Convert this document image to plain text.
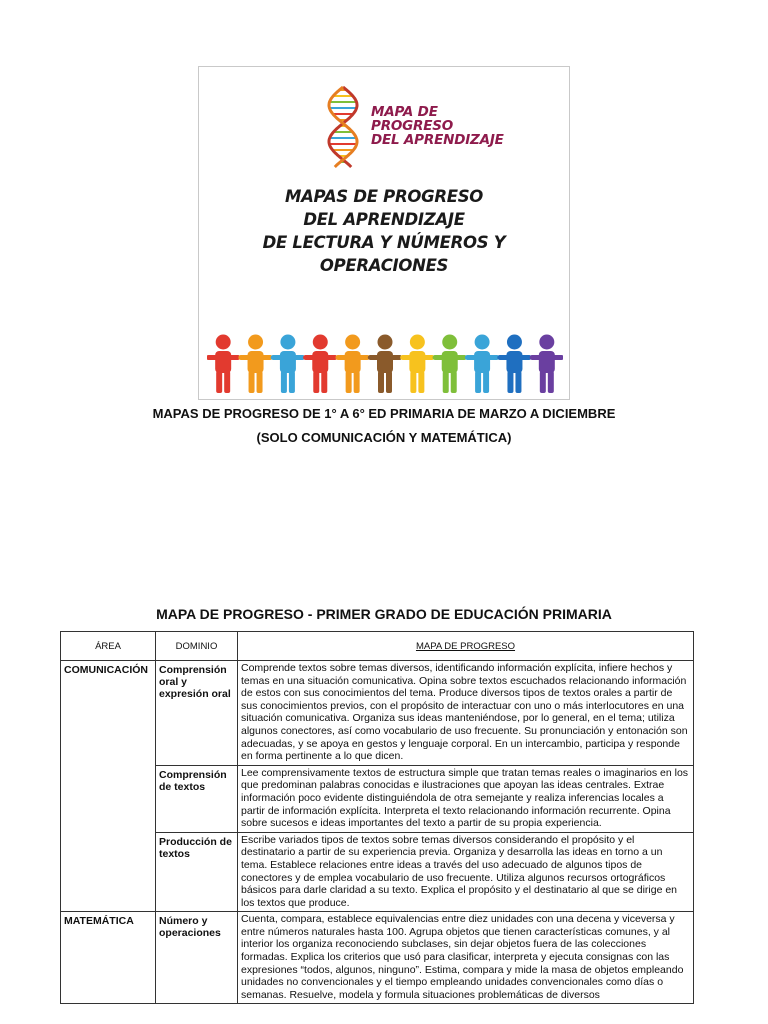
MAPA DE
PROGRESO
DEL APRENDIZAJE
MAPAS DE PROGRESO
DEL APRENDIZAJE
DE LECTURA Y NÚMEROS Y
OPERACIONES
MAPAS DE PROGRESO DE 1° A 6° ED PRIMARIA DE MARZO A DICIEMBRE
(SOLO COMUNICACIÓN Y MATEMÁTICA)
MAPA DE PROGRESO - PRIMER GRADO DE EDUCACIÓN PRIMARIA
ÁREA	DOMINIO	MAPA DE PROGRESO
COMUNICACIÓN	Comprensión oral y expresión oral	Comprende textos sobre temas diversos, identificando información explícita, infiere hechos y temas en una situación comunicativa. Opina sobre textos escuchados relacionando información de estos con sus conocimientos del tema. Produce diversos tipos de textos orales a partir de sus conocimientos previos, con el propósito de interactuar con uno o más interlocutores en una situación comunicativa. Organiza sus ideas manteniéndose, por lo general, en el tema; utiliza algunos conectores, así como vocabulario de uso frecuente. Su pronunciación y entonación son adecuadas, y se apoya en gestos y lenguaje corporal. En un intercambio, participa y responde en forma pertinente a lo que dicen.
	Comprensión de textos	Lee comprensivamente textos de estructura simple que tratan temas reales o imaginarios en los que predominan palabras conocidas e ilustraciones que apoyan las ideas centrales. Extrae información poco evidente distinguiéndola de otra semejante y realiza inferencias locales a partir de información explícita. Interpreta el texto relacionando información recurrente. Opina sobre sucesos e ideas importantes del texto a partir de su propia experiencia.
	Producción de textos	Escribe variados tipos de textos sobre temas diversos considerando el propósito y el destinatario a partir de su experiencia previa. Organiza y desarrolla las ideas en torno a un tema. Establece relaciones entre ideas a través del uso adecuado de algunos tipos de conectores y de emplea vocabulario de uso frecuente. Utiliza algunos recursos ortográficos básicos para darle claridad a su texto. Explica el propósito y el destinatario al que se dirige en los textos que produce.
MATEMÁTICA	Número y operaciones	Cuenta, compara, establece equivalencias entre diez unidades con una decena y viceversa y entre números naturales hasta 100. Agrupa objetos que tienen características comunes, y al interior los organiza reconociendo subclases, sin dejar objetos fuera de las colecciones formadas. Explica los criterios que usó para clasificar, interpreta y ejecuta consignas con las expresiones “todos, algunos, ninguno”. Estima, compara y mide la masa de objetos empleando unidades no convencionales y el tiempo empleando unidades convencionales como días o semanas. Resuelve, modela y formula situaciones problemáticas de diversos
